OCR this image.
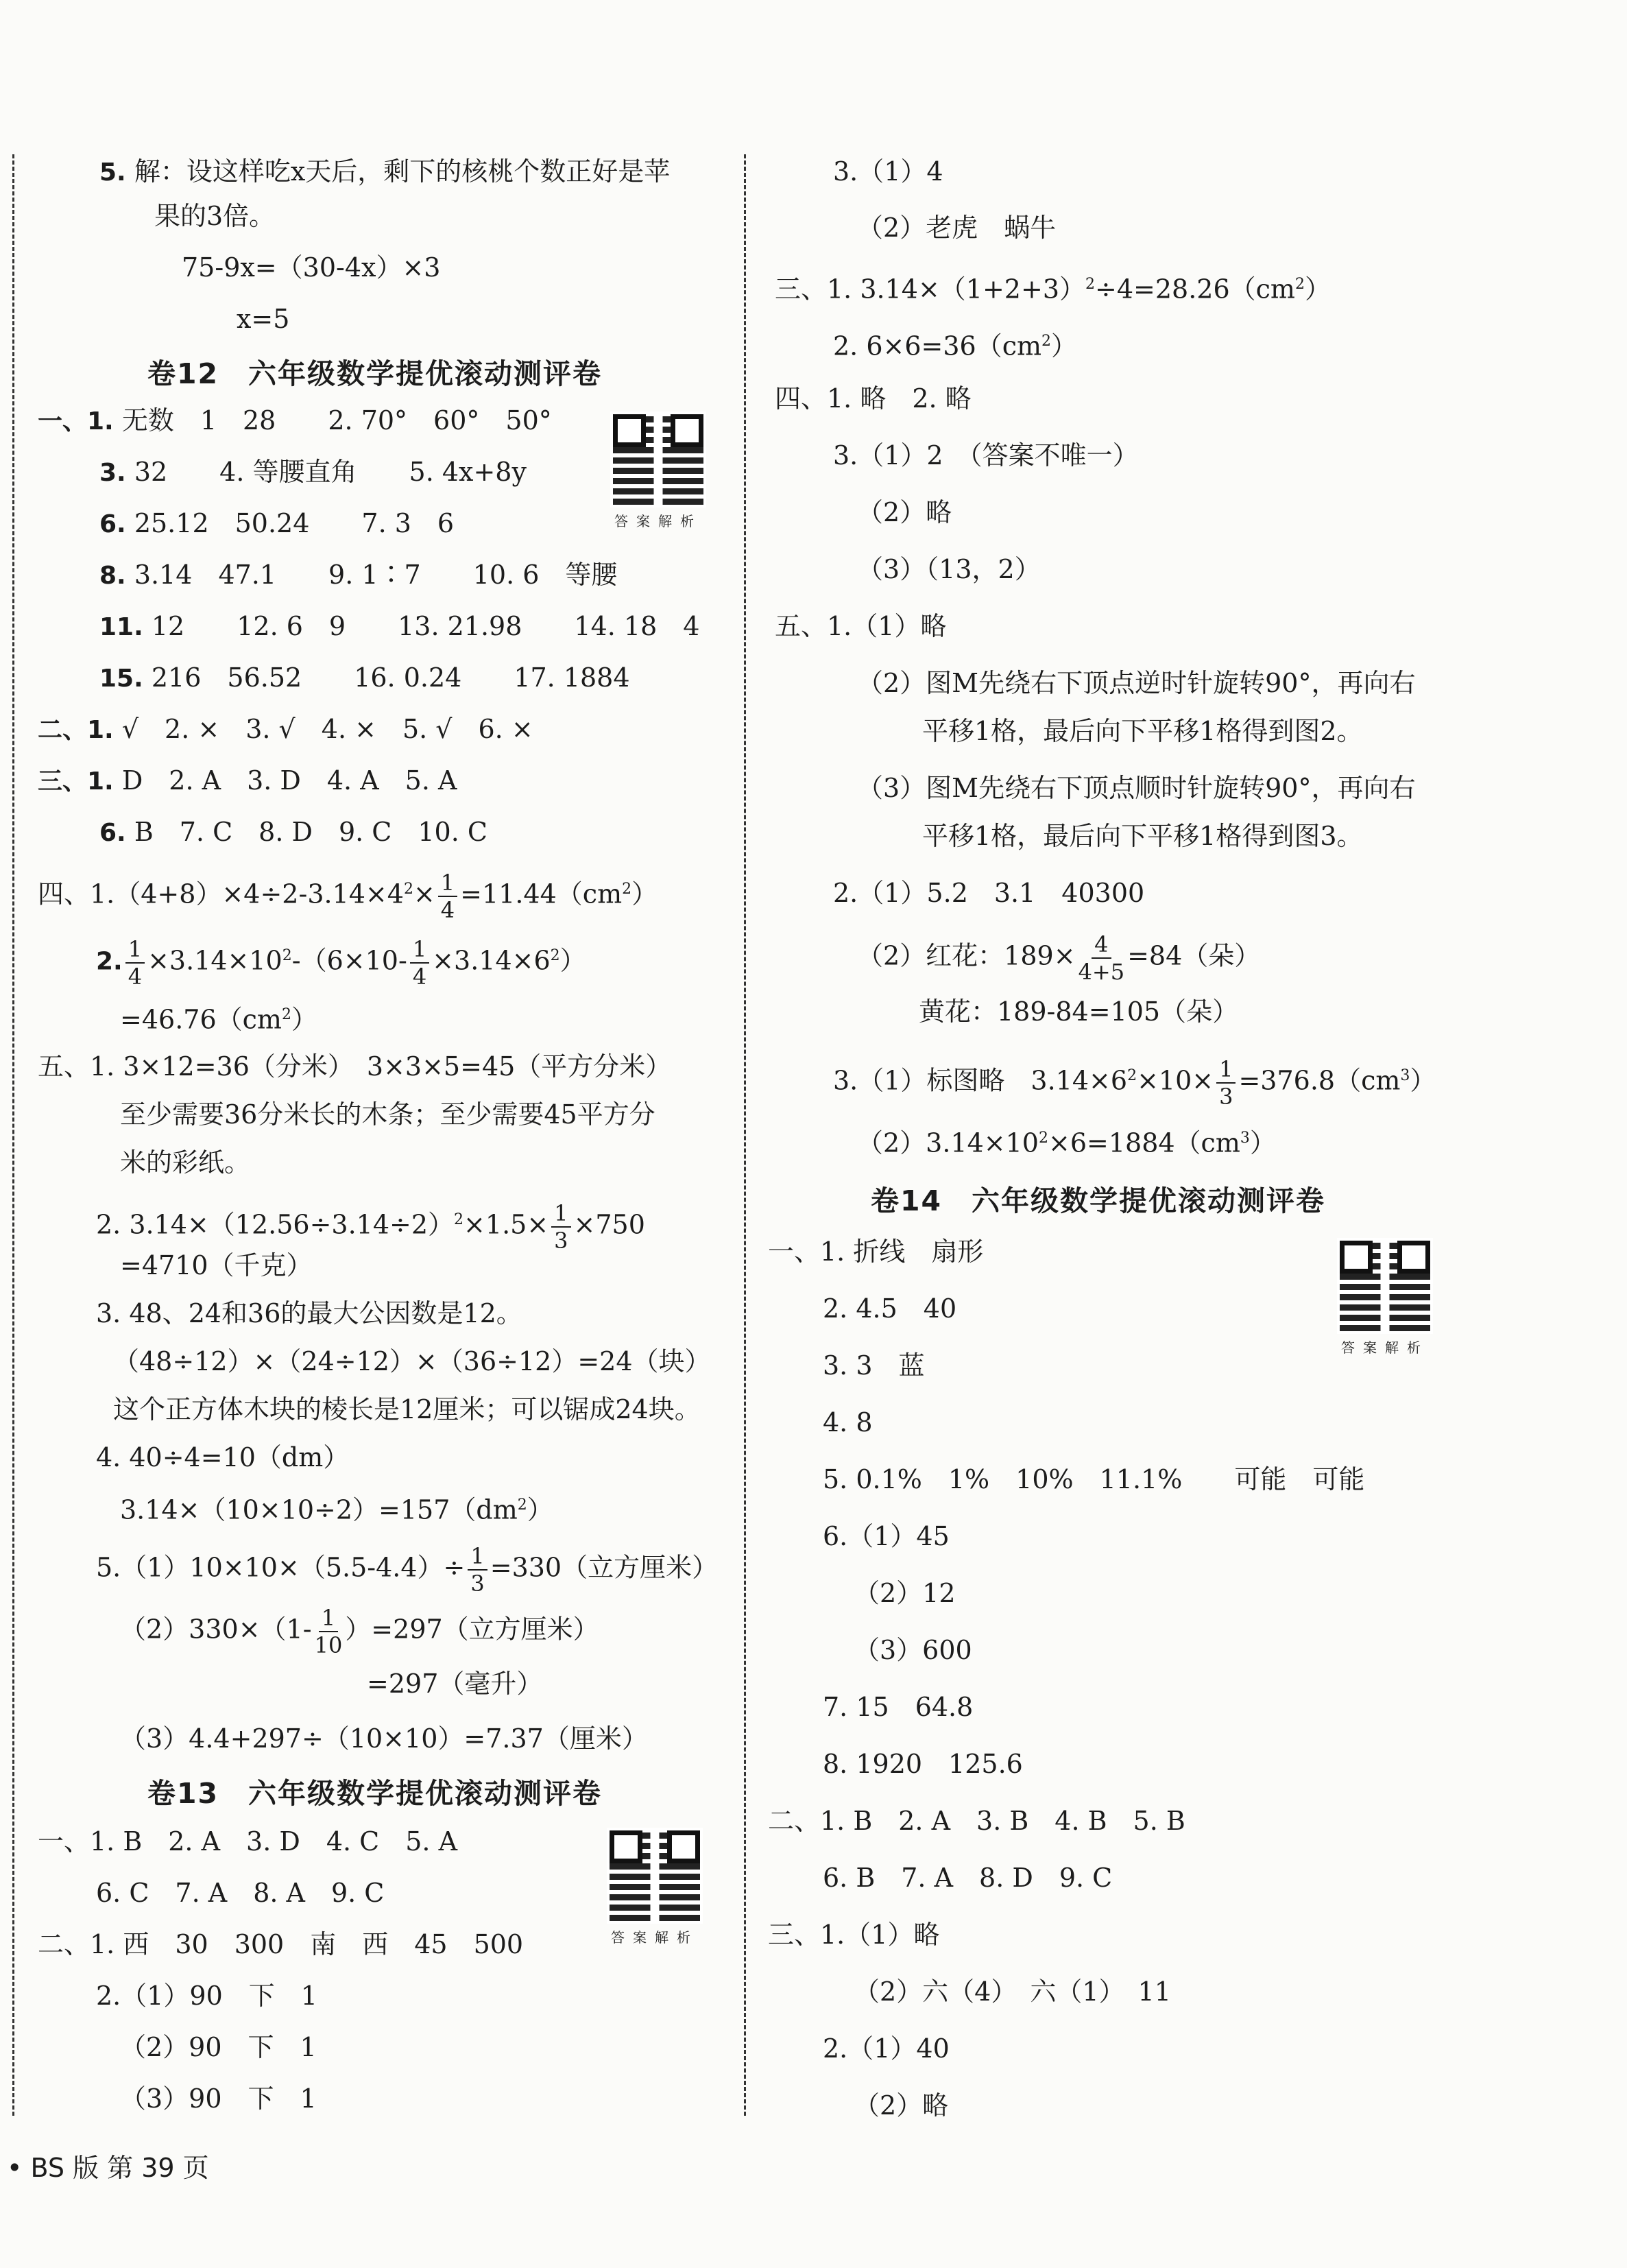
5. 解：设这样吃x天后，剩下的核桃个数正好是苹
果的3倍。
75-9x=（30-4x）×3
x=5
卷12　六年级数学提优滚动测评卷
答案解析
一、1. 无数　1　28　　2. 70°　60°　50°
3. 32　　4. 等腰直角　　5. 4x+8y
6. 25.12　50.24　　7. 3　6
8. 3.14　47.1　　9. 1∶7　　10. 6　等腰
11. 12　　12. 6　9　　13. 21.98　　14. 18　4
15. 216　56.52　　16. 0.24　　17. 1884
二、1. √　2. ×　3. √　4. ×　5. √　6. ×
三、1. D　2. A　3. D　4. A　5. A
6. B　7. C　8. D　9. C　10. C
四、$1.(4+8)\times 4\div 2-3.14\times 4^2\times \frac{1}{4} =11.44(cm^2)$
2. $\frac{1}{4} \times 3.14\times 10^2-(6\times 10- \frac{1}{4} \times 3.14\times 6^2)$
$=46.76(cm^2)$
五、1. 3×12=36（分米）　3×3×5=45（平方分米）
至少需要36分米长的木条；至少需要45平方分
米的彩纸。
2. $3.14\times(12.56\div 3.14\div 2)^2\times 1.5\times \frac{1}{3} \times 750$
=4710（千克）
3. 48、24和36的最大公因数是12。
（48÷12）×（24÷12）×（36÷12）=24（块）
这个正方体木块的棱长是12厘米；可以锯成24块。
4. 40÷4=10（dm）
$3.14\times(10\times 10\div 2)=157(dm^2)$
$5.(1)10\times 10\times(5.5-4.4)\div \frac{1}{3} =330$（立方厘米）
$(2)330\times(1- \frac{1}{10} )=297$（立方厘米）
=297（毫升）
（3）4.4+297÷（10×10）=7.37（厘米）
卷13　六年级数学提优滚动测评卷
答案解析
一、1. B　2. A　3. D　4. C　5. A
6. C　7. A　8. A　9. C
二、1. 西　30　300　南　西　45　500
2.（1）90　下　1
（2）90　下　1
（3）90　下　1
3.（1）4
（2）老虎　蜗牛
三、1. $3.14\times(1+2+3)^2\div 4=28.26(cm^2)$
2. $6\times 6=36(cm^2)$
四、1. 略　2. 略
3.（1）2　（答案不唯一）
（2）略
（3）（13，2）
五、1.（1）略
（2）图M先绕右下顶点逆时针旋转90°，再向右
平移1格，最后向下平移1格得到图2。
（3）图M先绕右下顶点顺时针旋转90°，再向右
平移1格，最后向下平移1格得到图3。
2.（1）5.2　3.1　40300
（2）红花：$189\times \frac{4}{4+5} =84$（朵）
黄花：189-84=105（朵）
3.（1）标图略　$3.14\times 6^2\times 10\times \frac{1}{3} =376.8(cm^3)$
$(2)3.14\times 10^2\times 6=1884(cm^3)$
卷14　六年级数学提优滚动测评卷
答案解析
一、1. 折线　扇形
2. 4.5　40
3. 3　蓝
4. 8
5. 0.1%　1%　10%　11.1%　　可能　可能
6.（1）45
（2）12
（3）600
7. 15　64.8
8. 1920　125.6
二、1. B　2. A　3. B　4. B　5. B
6. B　7. A　8. D　9. C
三、1.（1）略
（2）六（4）　六（1）　11
2.（1）40
（2）略
• BS 版 第 39 页
